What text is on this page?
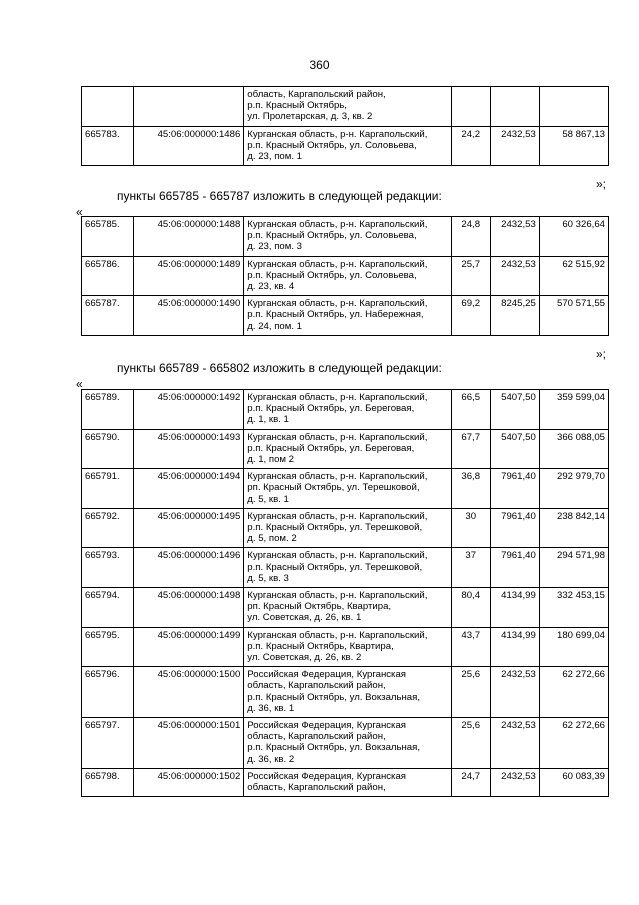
360
		область, Каргапольский район,
р.п. Красный Октябрь,
ул. Пролетарская, д. 3, кв. 2			
665783.	45:06:000000:1486	Курганская область, р-н. Каргапольский,
р.п. Красный Октябрь, ул. Соловьева,
д. 23, пом. 1	24,2	2432,53	58 867,13
»;
пункты 665785 - 665787 изложить в следующей редакции:
«
665785.	45:06:000000:1488	Курганская область, р-н. Каргапольский,
р.п. Красный Октябрь, ул. Соловьева,
д. 23, пом. 3	24,8	2432,53	60 326,64
665786.	45:06:000000:1489	Курганская область, р-н. Каргапольский,
р.п. Красный Октябрь, ул. Соловьева,
д. 23, кв. 4	25,7	2432,53	62 515,92
665787.	45:06:000000:1490	Курганская область, р-н. Каргапольский,
р.п. Красный Октябрь, ул. Набережная,
д. 24, пом. 1	69,2	8245,25	570 571,55
»;
пункты 665789 - 665802 изложить в следующей редакции:
«
665789.	45:06:000000:1492	Курганская область, р-н. Каргапольский,
р.п. Красный Октябрь, ул. Береговая,
д. 1, кв. 1	66,5	5407,50	359 599,04
665790.	45:06:000000:1493	Курганская область, р-н. Каргапольский,
р.п. Красный Октябрь, ул. Береговая,
д. 1, пом 2	67,7	5407,50	366 088,05
665791.	45:06:000000:1494	Курганская область, р-н. Каргапольский,
рп. Красный Октябрь, ул. Терешковой,
д. 5, кв. 1	36,8	7961,40	292 979,70
665792.	45:06:000000:1495	Курганская область, р-н. Каргапольский,
р.п. Красный Октябрь, ул. Терешковой,
д. 5, пом. 2	30	7961,40	238 842,14
665793.	45:06:000000:1496	Курганская область, р-н. Каргапольский,
р.п. Красный Октябрь, ул. Терешковой,
д. 5, кв. 3	37	7961,40	294 571,98
665794.	45:06:000000:1498	Курганская область, р-н. Каргапольский,
рп. Красный Октябрь, Квартира,
ул. Советская, д. 26, кв. 1	80,4	4134,99	332 453,15
665795.	45:06:000000:1499	Курганская область, р-н. Каргапольский,
р.п. Красный Октябрь, Квартира,
ул. Советская, д. 26, кв. 2	43,7	4134,99	180 699,04
665796.	45:06:000000:1500	Российская Федерация, Курганская
область, Каргапольский район,
р.п. Красный Октябрь, ул. Вокзальная,
д. 36, кв. 1	25,6	2432,53	62 272,66
665797.	45:06:000000:1501	Российская Федерация, Курганская
область, Каргапольский район,
р.п. Красный Октябрь, ул. Вокзальная,
д. 36, кв. 2	25,6	2432,53	62 272,66
665798.	45:06:000000:1502	Российская Федерация, Курганская
область, Каргапольский район,	24,7	2432,53	60 083,39
